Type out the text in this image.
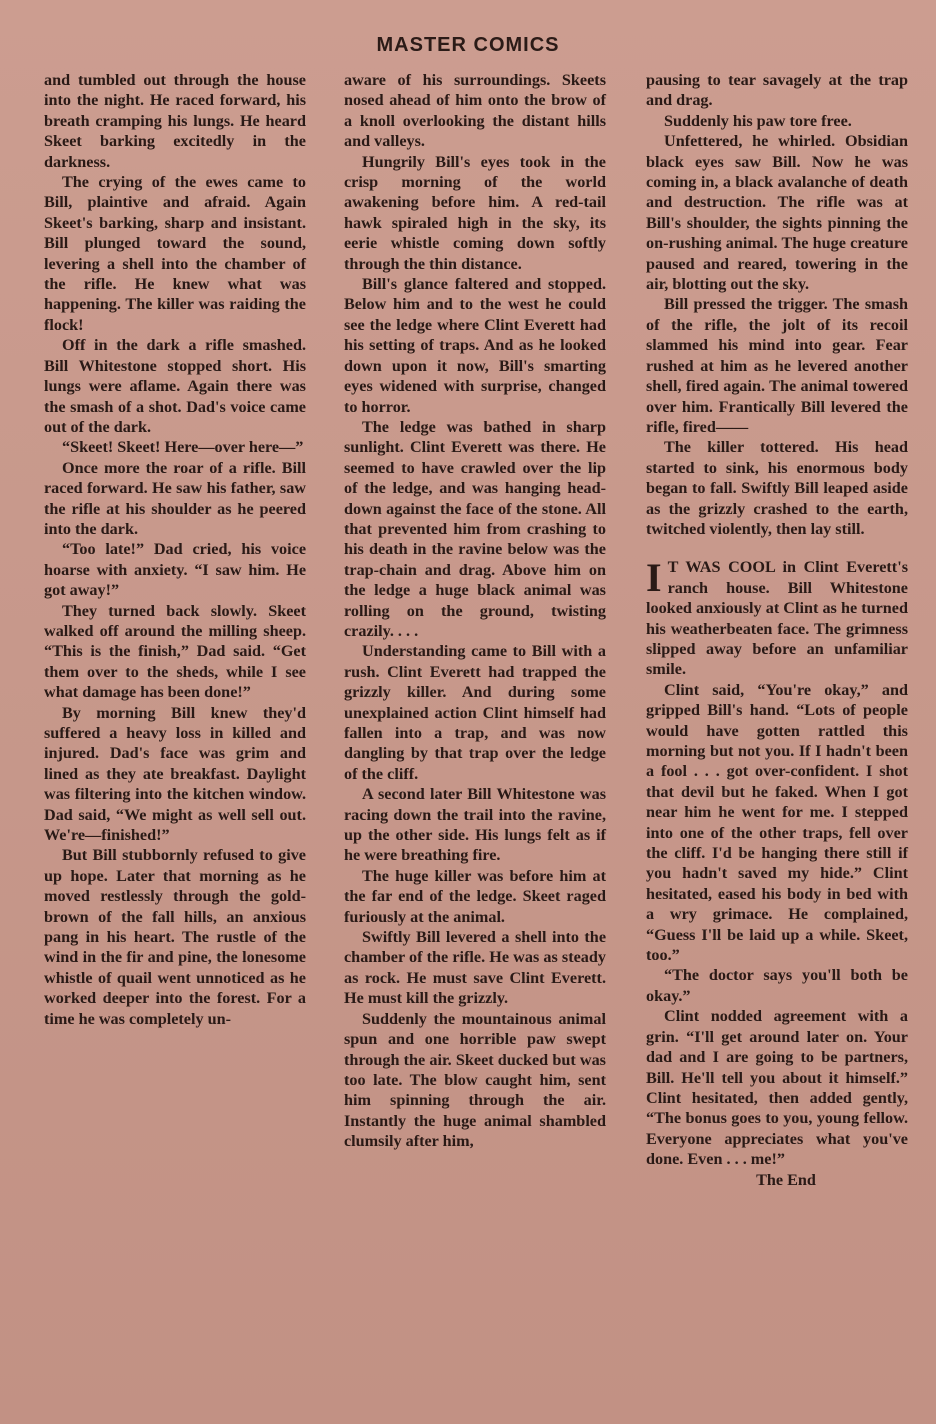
MASTER COMICS

and tumbled out through the house into the night. He raced forward, his breath cramping his lungs. He heard Skeet barking excitedly in the darkness.

The crying of the ewes came to Bill, plaintive and afraid. Again Skeet's barking, sharp and insistant. Bill plunged toward the sound, levering a shell into the chamber of the rifle. He knew what was happening. The killer was raiding the flock!

Off in the dark a rifle smashed. Bill Whitestone stopped short. His lungs were aflame. Again there was the smash of a shot. Dad's voice came out of the dark.

“Skeet! Skeet! Here—over here—”

Once more the roar of a rifle. Bill raced forward. He saw his father, saw the rifle at his shoulder as he peered into the dark.

“Too late!” Dad cried, his voice hoarse with anxiety. “I saw him. He got away!”

They turned back slowly. Skeet walked off around the milling sheep. “This is the finish,” Dad said. “Get them over to the sheds, while I see what damage has been done!”

By morning Bill knew they'd suffered a heavy loss in killed and injured. Dad's face was grim and lined as they ate breakfast. Daylight was filtering into the kitchen window. Dad said, “We might as well sell out. We're—finished!”

But Bill stubbornly refused to give up hope. Later that morning as he moved restlessly through the gold-brown of the fall hills, an anxious pang in his heart. The rustle of the wind in the fir and pine, the lonesome whistle of quail went unnoticed as he worked deeper into the forest. For a time he was completely un-

aware of his surroundings. Skeets nosed ahead of him onto the brow of a knoll overlooking the distant hills and valleys.

Hungrily Bill's eyes took in the crisp morning of the world awakening before him. A red-tail hawk spiraled high in the sky, its eerie whistle coming down softly through the thin distance.

Bill's glance faltered and stopped. Below him and to the west he could see the ledge where Clint Everett had his setting of traps. And as he looked down upon it now, Bill's smarting eyes widened with surprise, changed to horror.

The ledge was bathed in sharp sunlight. Clint Everett was there. He seemed to have crawled over the lip of the ledge, and was hanging head-down against the face of the stone. All that prevented him from crashing to his death in the ravine below was the trap-chain and drag. Above him on the ledge a huge black animal was rolling on the ground, twisting crazily. . . .

Understanding came to Bill with a rush. Clint Everett had trapped the grizzly killer. And during some unexplained action Clint himself had fallen into a trap, and was now dangling by that trap over the ledge of the cliff.

A second later Bill Whitestone was racing down the trail into the ravine, up the other side. His lungs felt as if he were breathing fire.

The huge killer was before him at the far end of the ledge. Skeet raged furiously at the animal.

Swiftly Bill levered a shell into the chamber of the rifle. He was as steady as rock. He must save Clint Everett. He must kill the grizzly.

Suddenly the mountainous animal spun and one horrible paw swept through the air. Skeet ducked but was too late. The blow caught him, sent him spinning through the air. Instantly the huge animal shambled clumsily after him,

pausing to tear savagely at the trap and drag.

Suddenly his paw tore free.

Unfettered, he whirled. Obsidian black eyes saw Bill. Now he was coming in, a black avalanche of death and destruction. The rifle was at Bill's shoulder, the sights pinning the on-rushing animal. The huge creature paused and reared, towering in the air, blotting out the sky.

Bill pressed the trigger. The smash of the rifle, the jolt of its recoil slammed his mind into gear. Fear rushed at him as he levered another shell, fired again. The animal towered over him. Frantically Bill levered the rifle, fired——

The killer tottered. His head started to sink, his enormous body began to fall. Swiftly Bill leaped aside as the grizzly crashed to the earth, twitched violently, then lay still.

I T WAS COOL in Clint Everett's ranch house. Bill Whitestone looked anxiously at Clint as he turned his weatherbeaten face. The grimness slipped away before an unfamiliar smile.

Clint said, “You're okay,” and gripped Bill's hand. “Lots of people would have gotten rattled this morning but not you. If I hadn't been a fool . . . got over-confident. I shot that devil but he faked. When I got near him he went for me. I stepped into one of the other traps, fell over the cliff. I'd be hanging there still if you hadn't saved my hide.” Clint hesitated, eased his body in bed with a wry grimace. He complained, “Guess I'll be laid up a while. Skeet, too.”

“The doctor says you'll both be okay.”

Clint nodded agreement with a grin. “I'll get around later on. Your dad and I are going to be partners, Bill. He'll tell you about it himself.” Clint hesitated, then added gently, “The bonus goes to you, young fellow. Everyone appreciates what you've done. Even . . . me!”

The End
